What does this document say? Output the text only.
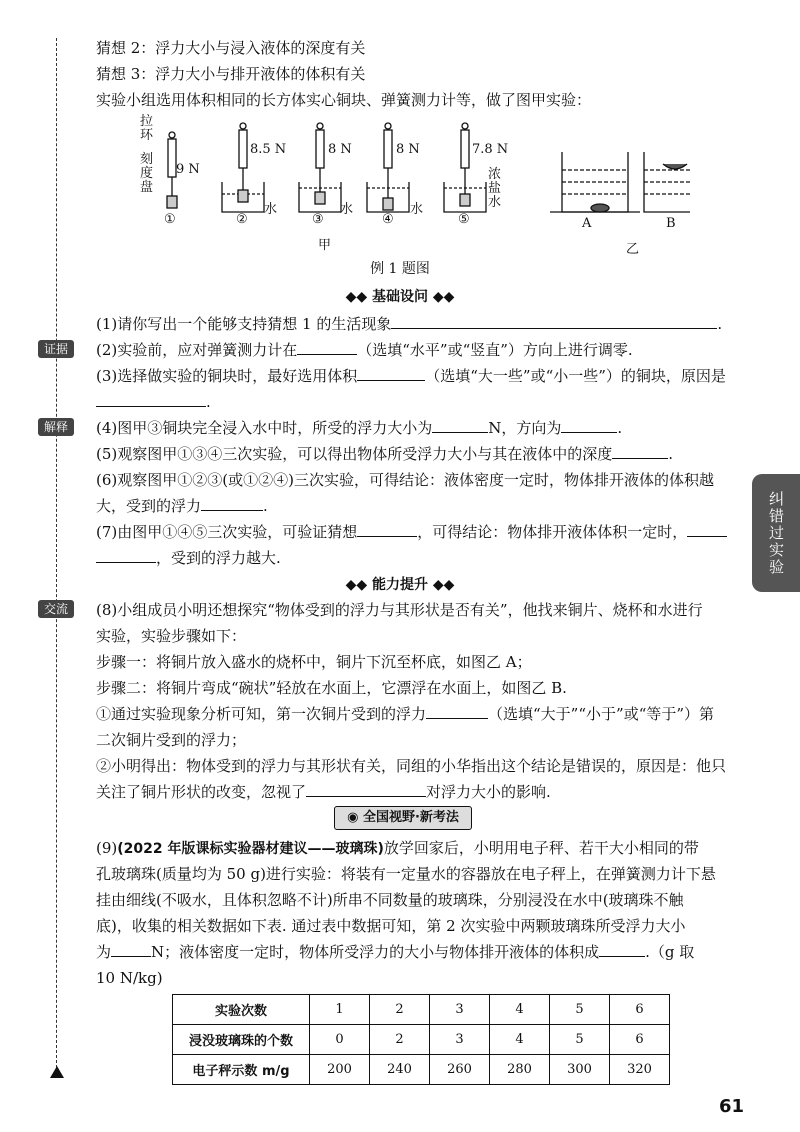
猜想 2：浮力大小与浸入液体的深度有关
猜想 3：浮力大小与排开液体的体积有关
实验小组选用体积相同的长方体实心铜块、弹簧测力计等，做了图甲实验：
拉
环
刻
度
盘
9 N
8.5 N	8 N	8 N	7.8 N
①	②	③	④	⑤
水	水
浓
盐
水
水
甲
A	B
乙
例 1 题图
◆◆ 基础设问 ◆◆
(1)请你写出一个能够支持猜想 1 的生活现象	.
证据	(2)实验前，应对弹簧测力计在	（选填“水平”或“竖直”）方向上进行调零.
(3)选择做实验的铜块时，最好选用体积	（选填“大一些”或“小一些”）的铜块，原因是
.
解释	(4)图甲③铜块完全浸入水中时，所受的浮力大小为	N，方向为	.
(5)观察图甲①③④三次实验，可以得出物体所受浮力大小与其在液体中的深度	.
(6)观察图甲①②③(或①②④)三次实验，可得结论：液体密度一定时，物体排开液体的体积越
大，受到的浮力	.
(7)由图甲①④⑤三次实验，可验证猜想	，可得结论：物体排开液体体积一定时，
，受到的浮力越大.	纠错过实验
◆◆ 能力提升 ◆◆
交流	(8)小组成员小明还想探究“物体受到的浮力与其形状是否有关”，他找来铜片、烧杯和水进行
实验，实验步骤如下：
步骤一：将铜片放入盛水的烧杯中，铜片下沉至杯底，如图乙 A；
步骤二：将铜片弯成“碗状”轻放在水面上，它漂浮在水面上，如图乙 B.
①通过实验现象分析可知，第一次铜片受到的浮力	（选填“大于”“小于”或“等于”）第
二次铜片受到的浮力；
②小明得出：物体受到的浮力与其形状有关，同组的小华指出这个结论是错误的，原因是：他只
关注了铜片形状的改变，忽视了	对浮力大小的影响.
◉ 全国视野·新考法
(9)(2022 年版课标实验器材建议——玻璃珠)放学回家后，小明用电子秤、若干大小相同的带
孔玻璃珠(质量均为 50 g)进行实验：将装有一定量水的容器放在电子秤上，在弹簧测力计下悬
挂由细线(不吸水，且体积忽略不计)所串不同数量的玻璃珠，分别浸没在水中(玻璃珠不触
底)，收集的相关数据如下表. 通过表中数据可知，第 2 次实验中两颗玻璃珠所受浮力大小
为	N；液体密度一定时，物体所受浮力的大小与物体排开液体的体积成	.（g 取
10 N/kg)
实验次数	1	2	3	4	5	6
浸没玻璃珠的个数	0	2	3	4	5	6
电子秤示数 m/g	200	240	260	280	300	320
61
